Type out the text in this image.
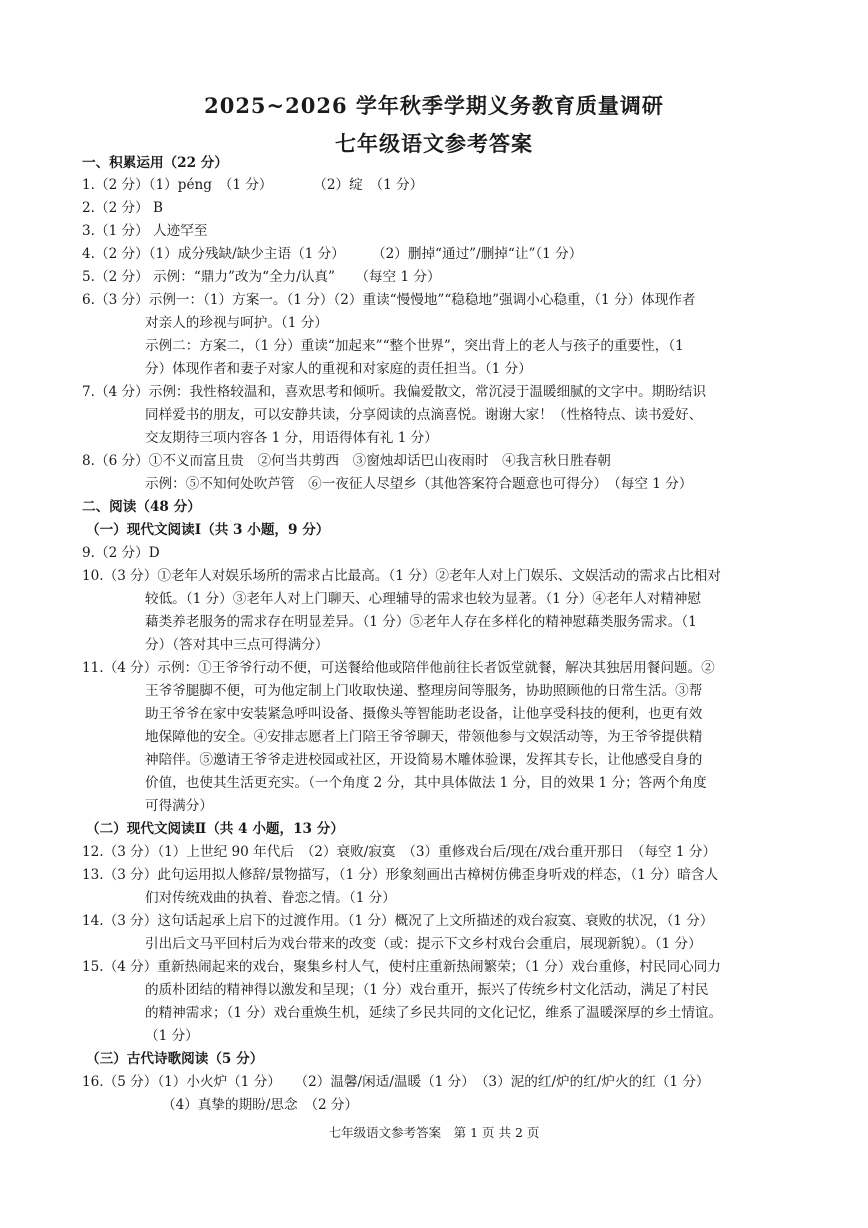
2025~2026 学年秋季学期义务教育质量调研
七年级语文参考答案
一、积累运用（22 分）
1.（2 分）（1）péng　（1 分）　　　　（2）绽　（1 分）
2.（2 分） B
3.（1 分） 人迹罕至
4.（2 分）（1）成分残缺/缺少主语（1 分）　　　（2）删掉“通过”/删掉“让”（1 分）
5.（2 分） 示例：“鼎力”改为“全力/认真”　　（每空 1 分）
6.（3 分）示例一：（1）方案一。（1 分）（2）重读“慢慢地”“稳稳地”强调小心稳重，（1 分）体现作者
对亲人的珍视与呵护。（1 分）
示例二：方案二，（1 分）重读“加起来”“整个世界”，突出背上的老人与孩子的重要性，（1
分）体现作者和妻子对家人的重视和对家庭的责任担当。（1 分）
7.（4 分）示例：我性格较温和，喜欢思考和倾听。我偏爱散文，常沉浸于温暖细腻的文字中。期盼结识
同样爱书的朋友，可以安静共读，分享阅读的点滴喜悦。谢谢大家！（性格特点、读书爱好、
交友期待三项内容各 1 分，用语得体有礼 1 分）
8.（6 分）①不义而富且贵　②何当共剪西　③窗烛却话巴山夜雨时　④我言秋日胜春朝
示例：⑤不知何处吹芦管　⑥一夜征人尽望乡（其他答案符合题意也可得分）　（每空 1 分）
二、阅读（48 分）
（一）现代文阅读Ⅰ（共 3 小题，9 分）
9.（2 分）D
10.（3 分）①老年人对娱乐场所的需求占比最高。（1 分）②老年人对上门娱乐、文娱活动的需求占比相对
较低。（1 分）③老年人对上门聊天、心理辅导的需求也较为显著。（1 分）④老年人对精神慰
藉类养老服务的需求存在明显差异。（1 分）⑤老年人存在多样化的精神慰藉类服务需求。（1
分）（答对其中三点可得满分）
11.（4 分）示例：①王爷爷行动不便，可送餐给他或陪伴他前往长者饭堂就餐，解决其独居用餐问题。②
王爷爷腿脚不便，可为他定制上门收取快递、整理房间等服务，协助照顾他的日常生活。③帮
助王爷爷在家中安装紧急呼叫设备、摄像头等智能助老设备，让他享受科技的便利，也更有效
地保障他的安全。④安排志愿者上门陪王爷爷聊天，带领他参与文娱活动等，为王爷爷提供精
神陪伴。⑤邀请王爷爷走进校园或社区，开设简易木雕体验课，发挥其专长，让他感受自身的
价值，也使其生活更充实。（一个角度 2 分，其中具体做法 1 分，目的效果 1 分；答两个角度
可得满分）
（二）现代文阅读Ⅱ（共 4 小题，13 分）
12.（3 分）（1）上世纪 90 年代后　（2）衰败/寂寞　（3）重修戏台后/现在/戏台重开那日　（每空 1 分）
13.（3 分）此句运用拟人修辞/景物描写，（1 分）形象刻画出古樟树仿佛歪身听戏的样态，（1 分）暗含人
们对传统戏曲的执着、眷恋之情。（1 分）
14.（3 分）这句话起承上启下的过渡作用。（1 分）概况了上文所描述的戏台寂寞、衰败的状况，（1 分）
引出后文马平回村后为戏台带来的改变（或：提示下文乡村戏台会重启，展现新貌）。（1 分）
15.（4 分）重新热闹起来的戏台，聚集乡村人气，使村庄重新热闹繁荣；（1 分）戏台重修，村民同心同力
的质朴团结的精神得以激发和呈现；（1 分）戏台重开，振兴了传统乡村文化活动，满足了村民
的精神需求；（1 分）戏台重焕生机，延续了乡民共同的文化记忆，维系了温暖深厚的乡土情谊。
（1 分）
（三）古代诗歌阅读（5 分）
16.（5 分）（1）小火炉（1 分）　　（2）温馨/闲适/温暖（1 分）　（3）泥的红/炉的红/炉火的红（1 分）
（4）真挚的期盼/思念　（2 分）
七年级语文参考答案　第 1 页 共 2 页
